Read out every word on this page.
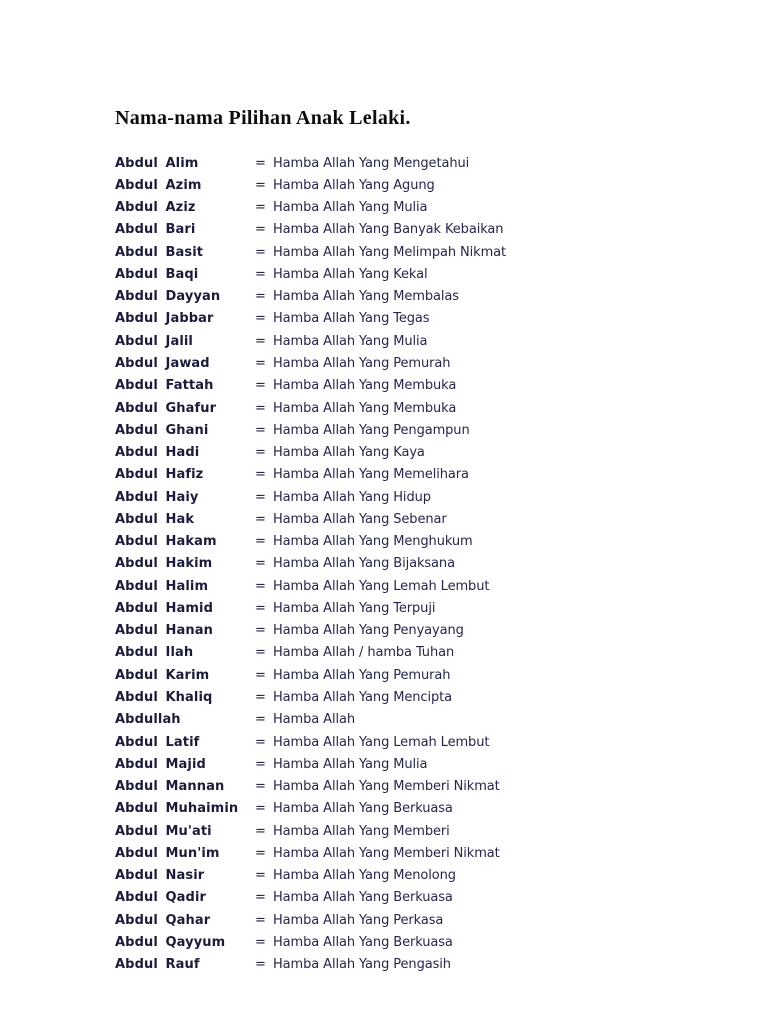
Nama-nama Pilihan Anak Lelaki.
Abdul Alim	= Hamba Allah Yang Mengetahui
Abdul Azim	= Hamba Allah Yang Agung
Abdul Aziz	= Hamba Allah Yang Mulia
Abdul Bari	= Hamba Allah Yang Banyak Kebaikan
Abdul Basit	= Hamba Allah Yang Melimpah Nikmat
Abdul Baqi	= Hamba Allah Yang Kekal
Abdul Dayyan	= Hamba Allah Yang Membalas
Abdul Jabbar	= Hamba Allah Yang Tegas
Abdul Jalil	= Hamba Allah Yang Mulia
Abdul Jawad	= Hamba Allah Yang Pemurah
Abdul Fattah	= Hamba Allah Yang Membuka
Abdul Ghafur	= Hamba Allah Yang Membuka
Abdul Ghani	= Hamba Allah Yang Pengampun
Abdul Hadi	= Hamba Allah Yang Kaya
Abdul Hafiz	= Hamba Allah Yang Memelihara
Abdul Haiy	= Hamba Allah Yang Hidup
Abdul Hak	= Hamba Allah Yang Sebenar
Abdul Hakam	= Hamba Allah Yang Menghukum
Abdul Hakim	= Hamba Allah Yang Bijaksana
Abdul Halim	= Hamba Allah Yang Lemah Lembut
Abdul Hamid	= Hamba Allah Yang Terpuji
Abdul Hanan	= Hamba Allah Yang Penyayang
Abdul Ilah	= Hamba Allah / hamba Tuhan
Abdul Karim	= Hamba Allah Yang Pemurah
Abdul Khaliq	= Hamba Allah Yang Mencipta
Abdullah	= Hamba Allah
Abdul Latif	= Hamba Allah Yang Lemah Lembut
Abdul Majid	= Hamba Allah Yang Mulia
Abdul Mannan	= Hamba Allah Yang Memberi Nikmat
Abdul Muhaimin	= Hamba Allah Yang Berkuasa
Abdul Mu'ati	= Hamba Allah Yang Memberi
Abdul Mun'im	= Hamba Allah Yang Memberi Nikmat
Abdul Nasir	= Hamba Allah Yang Menolong
Abdul Qadir	= Hamba Allah Yang Berkuasa
Abdul Qahar	= Hamba Allah Yang Perkasa
Abdul Qayyum	= Hamba Allah Yang Berkuasa
Abdul Rauf	= Hamba Allah Yang Pengasih
